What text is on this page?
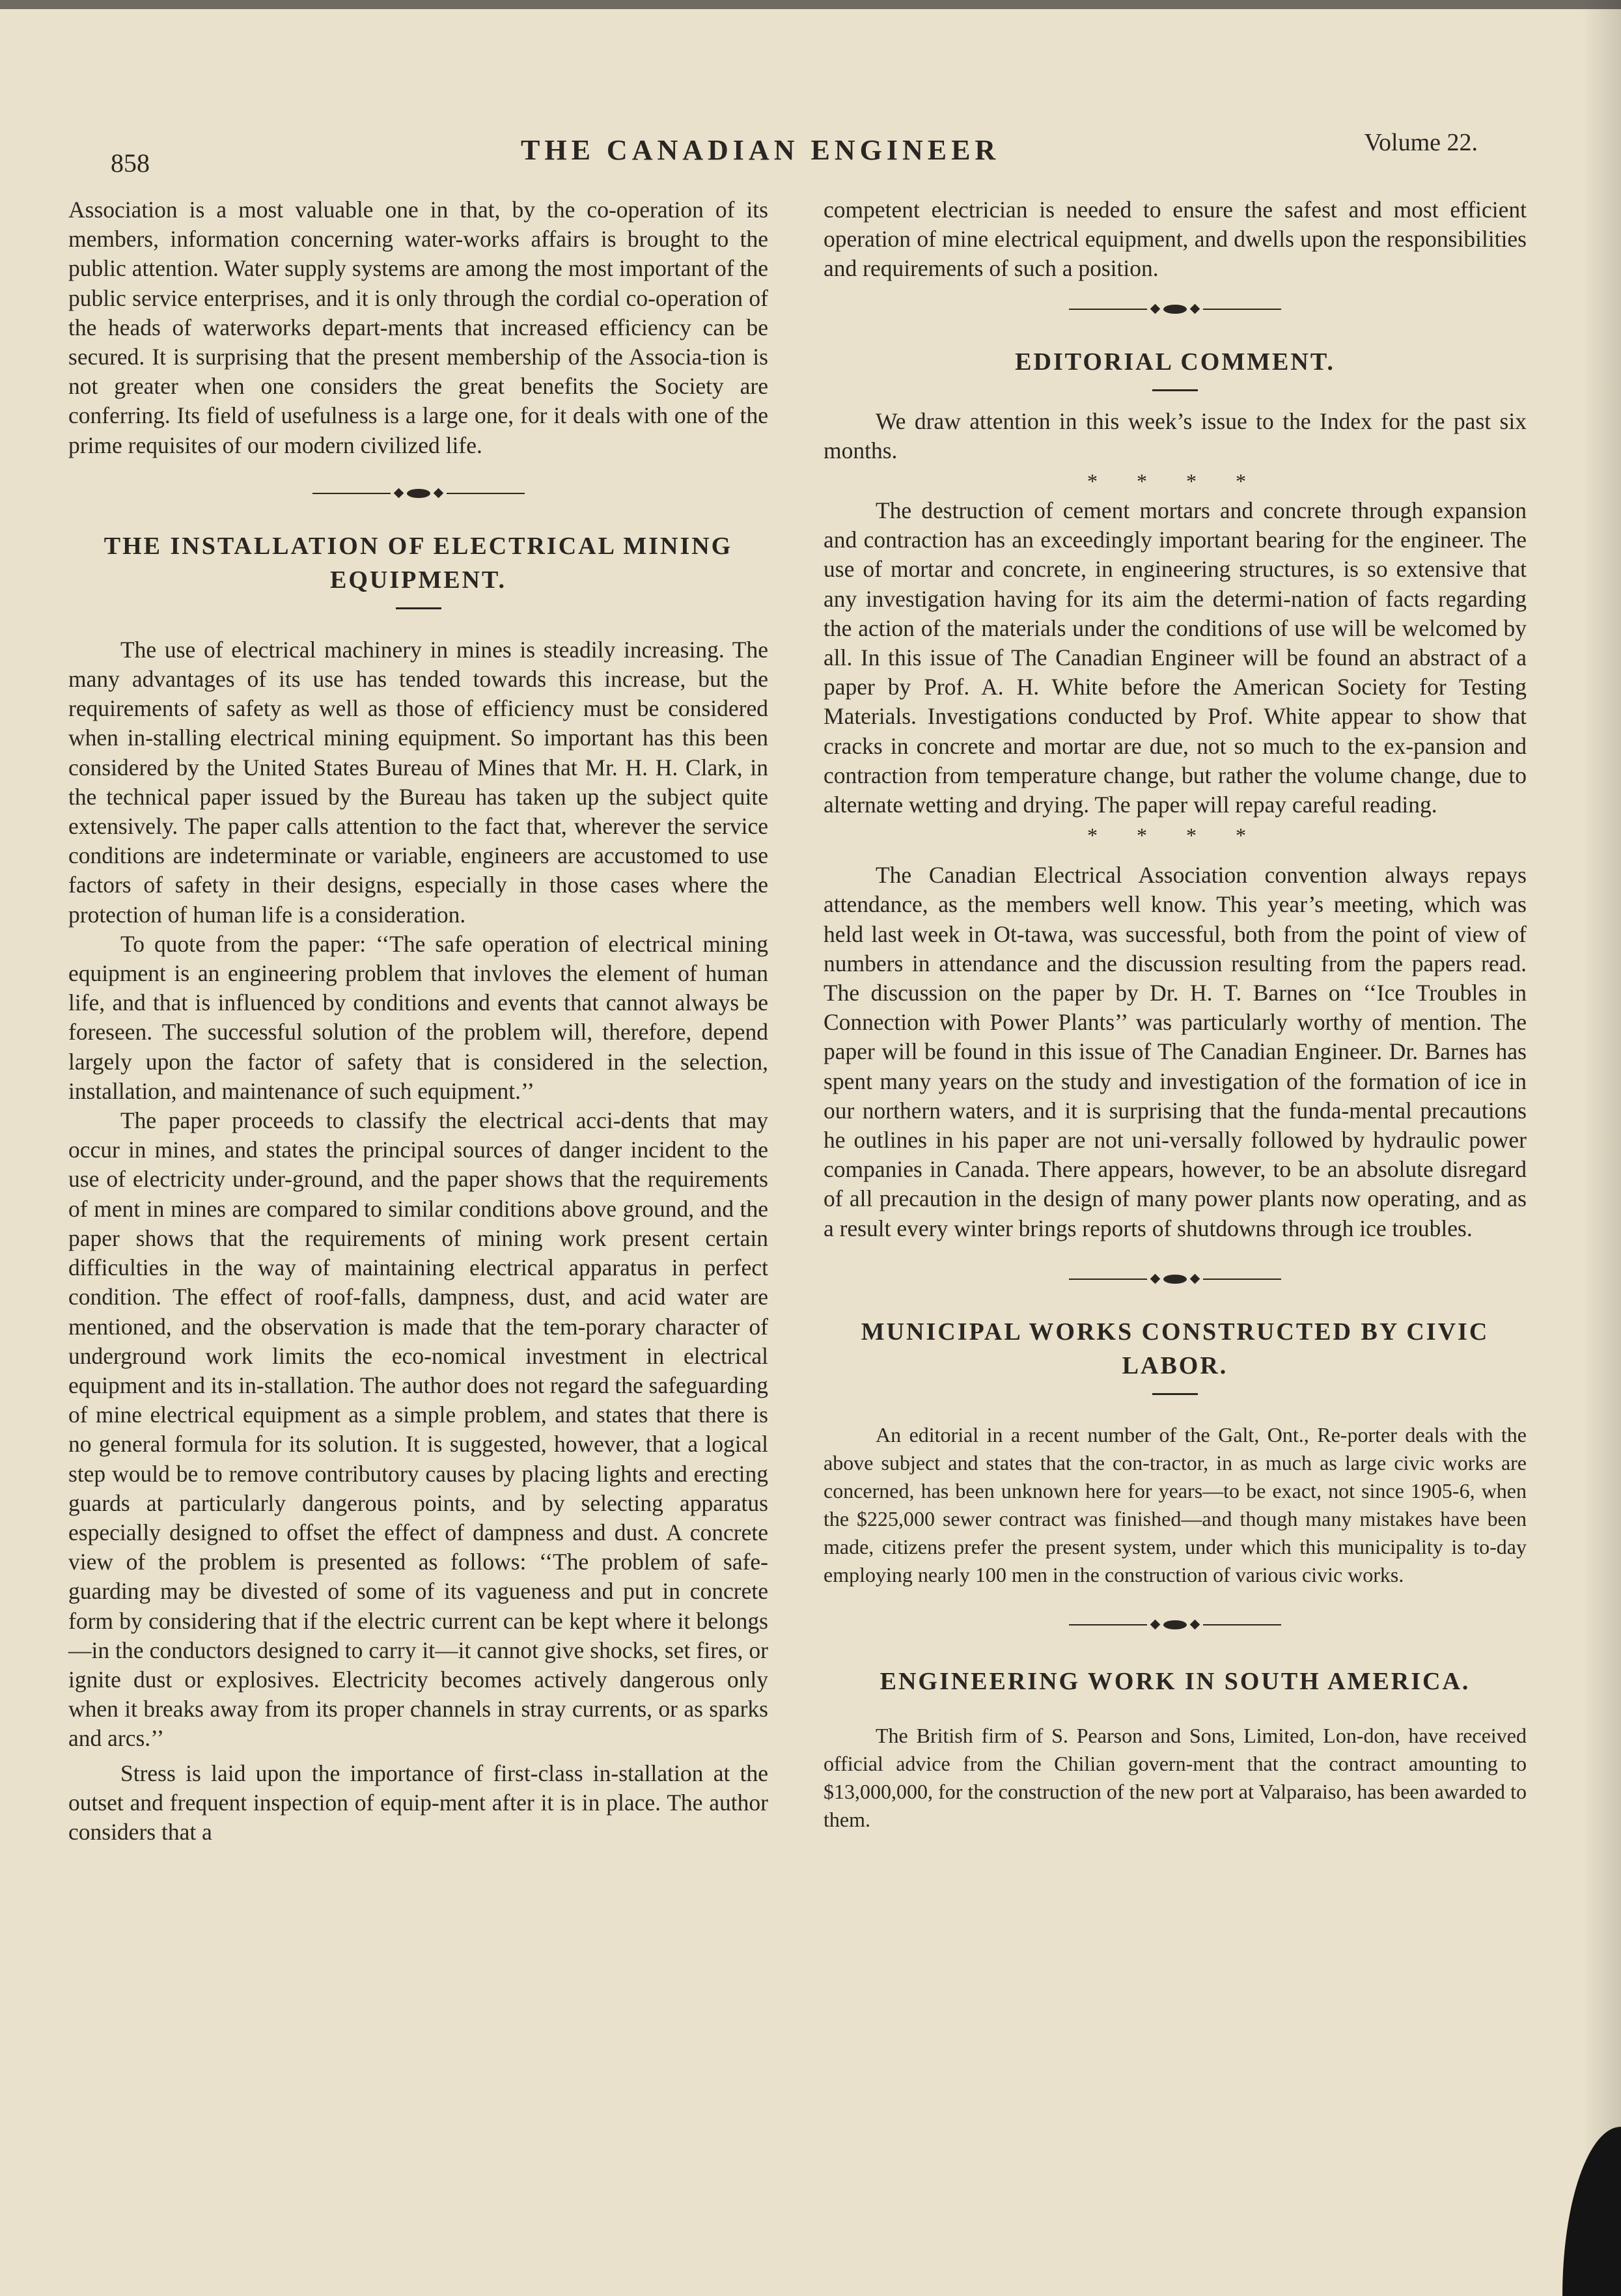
858	THE CANADIAN ENGINEER	Volume 22.

Association is a most valuable one in that, by the co-operation of its members, information concerning water-works affairs is brought to the public attention. Water supply systems are among the most important of the public service enterprises, and it is only through the cordial co-operation of the heads of waterworks depart-ments that increased efficiency can be secured. It is surprising that the present membership of the Associa-tion is not greater when one considers the great benefits the Society are conferring. Its field of usefulness is a large one, for it deals with one of the prime requisites of our modern civilized life.

THE INSTALLATION OF ELECTRICAL MINING EQUIPMENT.

The use of electrical machinery in mines is steadily increasing. The many advantages of its use has tended towards this increase, but the requirements of safety as well as those of efficiency must be considered when in-stalling electrical mining equipment. So important has this been considered by the United States Bureau of Mines that Mr. H. H. Clark, in the technical paper issued by the Bureau has taken up the subject quite extensively. The paper calls attention to the fact that, wherever the service conditions are indeterminate or variable, engineers are accustomed to use factors of safety in their designs, especially in those cases where the protection of human life is a consideration.

To quote from the paper: ‘‘The safe operation of electrical mining equipment is an engineering problem that invloves the element of human life, and that is influenced by conditions and events that cannot always be foreseen. The successful solution of the problem will, therefore, depend largely upon the factor of safety that is considered in the selection, installation, and maintenance of such equipment.’’

The paper proceeds to classify the electrical acci-dents that may occur in mines, and states the principal sources of danger incident to the use of electricity under-ground, and the paper shows that the requirements of ment in mines are compared to similar conditions above ground, and the paper shows that the requirements of mining work present certain difficulties in the way of maintaining electrical apparatus in perfect condition. The effect of roof-falls, dampness, dust, and acid water are mentioned, and the observation is made that the tem-porary character of underground work limits the eco-nomical investment in electrical equipment and its in-stallation. The author does not regard the safeguarding of mine electrical equipment as a simple problem, and states that there is no general formula for its solution. It is suggested, however, that a logical step would be to remove contributory causes by placing lights and erecting guards at particularly dangerous points, and by selecting apparatus especially designed to offset the effect of dampness and dust. A concrete view of the problem is presented as follows: ‘‘The problem of safe-guarding may be divested of some of its vagueness and put in concrete form by considering that if the electric current can be kept where it belongs—in the conductors designed to carry it—it cannot give shocks, set fires, or ignite dust or explosives. Electricity becomes actively dangerous only when it breaks away from its proper channels in stray currents, or as sparks and arcs.’’

Stress is laid upon the importance of first-class in-stallation at the outset and frequent inspection of equip-ment after it is in place. The author considers that a

competent electrician is needed to ensure the safest and most efficient operation of mine electrical equipment, and dwells upon the responsibilities and requirements of such a position.

EDITORIAL COMMENT.

We draw attention in this week’s issue to the Index for the past six months.

* * * *

The destruction of cement mortars and concrete through expansion and contraction has an exceedingly important bearing for the engineer. The use of mortar and concrete, in engineering structures, is so extensive that any investigation having for its aim the determi-nation of facts regarding the action of the materials under the conditions of use will be welcomed by all. In this issue of The Canadian Engineer will be found an abstract of a paper by Prof. A. H. White before the American Society for Testing Materials. Investigations conducted by Prof. White appear to show that cracks in concrete and mortar are due, not so much to the ex-pansion and contraction from temperature change, but rather the volume change, due to alternate wetting and drying. The paper will repay careful reading.

* * * *

The Canadian Electrical Association convention always repays attendance, as the members well know. This year’s meeting, which was held last week in Ot-tawa, was successful, both from the point of view of numbers in attendance and the discussion resulting from the papers read. The discussion on the paper by Dr. H. T. Barnes on ‘‘Ice Troubles in Connection with Power Plants’’ was particularly worthy of mention. The paper will be found in this issue of The Canadian Engineer. Dr. Barnes has spent many years on the study and investigation of the formation of ice in our northern waters, and it is surprising that the funda-mental precautions he outlines in his paper are not uni-versally followed by hydraulic power companies in Canada. There appears, however, to be an absolute disregard of all precaution in the design of many power plants now operating, and as a result every winter brings reports of shutdowns through ice troubles.

MUNICIPAL WORKS CONSTRUCTED BY CIVIC LABOR.

An editorial in a recent number of the Galt, Ont., Re-porter deals with the above subject and states that the con-tractor, in as much as large civic works are concerned, has been unknown here for years—to be exact, not since 1905-6, when the $225,000 sewer contract was finished—and though many mistakes have been made, citizens prefer the present system, under which this municipality is to-day employing nearly 100 men in the construction of various civic works.

ENGINEERING WORK IN SOUTH AMERICA.

The British firm of S. Pearson and Sons, Limited, Lon-don, have received official advice from the Chilian govern-ment that the contract amounting to $13,000,000, for the construction of the new port at Valparaiso, has been awarded to them.
